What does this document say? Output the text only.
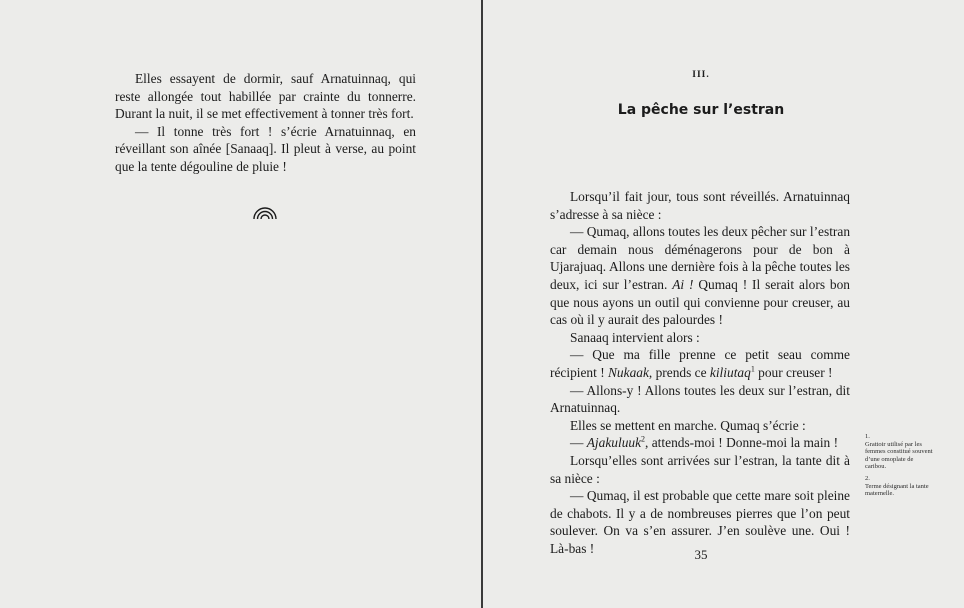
Elles essayent de dormir, sauf Arnatuinnaq, qui reste allongée tout habillée par crainte du tonnerre. Durant la nuit, il se met effectivement à tonner très fort.

— Il tonne très fort ! s’écrie Arnatuinnaq, en réveillant son aînée [Sanaaq]. Il pleut à verse, au point que la tente dégouline de pluie !

III.
La pêche sur l’estran

Lorsqu’il fait jour, tous sont réveillés. Arnatuinnaq s’adresse à sa nièce :

— Qumaq, allons toutes les deux pêcher sur l’estran car demain nous déménagerons pour de bon à Ujarajuaq. Allons une dernière fois à la pêche toutes les deux, ici sur l’estran. Ai ! Qumaq ! Il serait alors bon que nous ayons un outil qui convienne pour creuser, au cas où il y aurait des palourdes !

Sanaaq intervient alors :

— Que ma fille prenne ce petit seau comme récipient ! Nukaak, prends ce kiliutaq$^1$ pour creuser !

— Allons-y ! Allons toutes les deux sur l’estran, dit Arnatuinnaq.

Elles se mettent en marche. Qumaq s’écrie :

— Ajakuluuk$^2$, attends-moi ! Donne-moi la main !

Lorsqu’elles sont arrivées sur l’estran, la tante dit à sa nièce :

— Qumaq, il est probable que cette mare soit pleine de chabots. Il y a de nombreuses pierres que l’on peut soulever. On va s’en assurer. J’en soulève une. Oui ! Là-bas !

1.
Grattoir utilisé par les femmes constitué souvent d’une omoplate de caribou.
2.
Terme désignant la tante maternelle.
35
